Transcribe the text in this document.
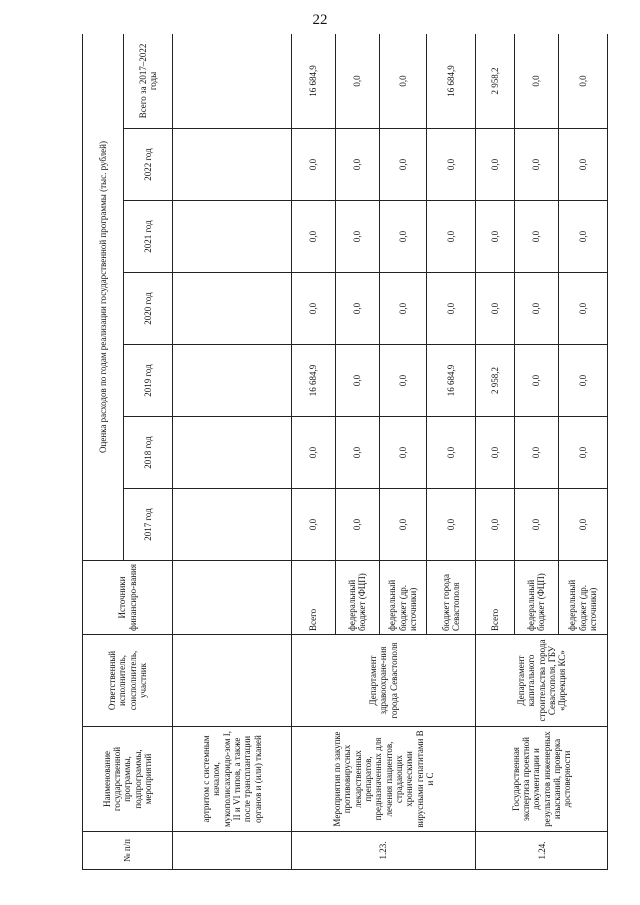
22
№ п/п	Наименование государственной программы, подпрограммы, мероприятий	Ответственный исполнитель, соисполнитель, участник	Источники финансиро-вания	Оценка расходов по годам реализации государственной программы (тыс. рублей)						
				2017 год	2018 год	2019 год	2020 год	2021 год	2022 год	Всего за 2017–2022 годы
	артритом с системным началом, мукополисахаридо-зом I, II и VI типов, а также после трансплантации органов и (или) тканей									
1.23.	Мероприятия по закупке противовирусных лекарственных препаратов, предназначенных для лечения пациентов, страдающих хроническими вирусными гепатитами В и С	Департамент здравоохране-ния города Севастополя	Всего	0,0	0,0	16 684,9	0,0	0,0	0,0	16 684,9
			федеральный бюджет (ФЦП)	0,0	0,0	0,0	0,0	0,0	0,0	0,0
			федеральный бюджет (др. источники)	0,0	0,0	0,0	0,0	0,0	0,0	0,0
			бюджет города Севастополя	0,0	0,0	16 684,9	0,0	0,0	0,0	16 684,9
1.24.	Государственная экспертиза проектной документации и результатов инженерных изысканий, проверка достоверности	Департамент капитального строительства города Севастополя, ГБУ «Дирекция КС»	Всего	0,0	0,0	2 958,2	0,0	0,0	0,0	2 958,2
			федеральный бюджет (ФЦП)	0,0	0,0	0,0	0,0	0,0	0,0	0,0
			федеральный бюджет (др. источники)	0,0	0,0	0,0	0,0	0,0	0,0	0,0
